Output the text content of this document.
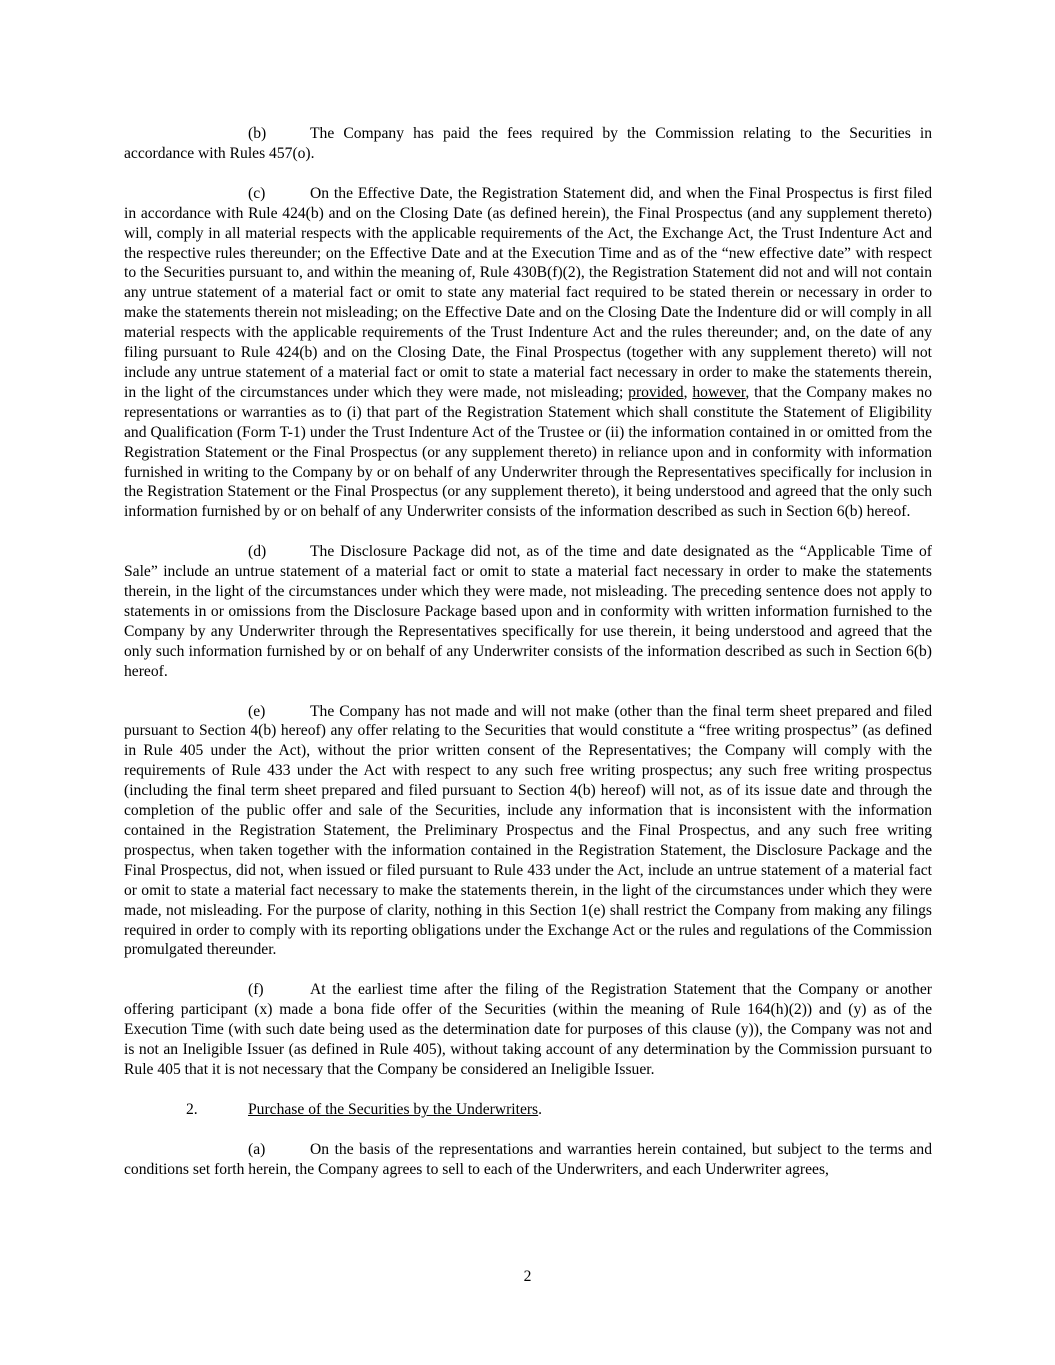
(b)	The Company has paid the fees required by the Commission relating to the Securities in accordance with Rules 457(o).

(c)	On the Effective Date, the Registration Statement did, and when the Final Prospectus is first filed in accordance with Rule 424(b) and on the Closing Date (as defined herein), the Final Prospectus (and any supplement thereto) will, comply in all material respects with the applicable requirements of the Act, the Exchange Act, the Trust Indenture Act and the respective rules thereunder; on the Effective Date and at the Execution Time and as of the “new effective date” with respect to the Securities pursuant to, and within the meaning of, Rule 430B(f)(2), the Registration Statement did not and will not contain any untrue statement of a material fact or omit to state any material fact required to be stated therein or necessary in order to make the statements therein not misleading; on the Effective Date and on the Closing Date the Indenture did or will comply in all material respects with the applicable requirements of the Trust Indenture Act and the rules thereunder; and, on the date of any filing pursuant to Rule 424(b) and on the Closing Date, the Final Prospectus (together with any supplement thereto) will not include any untrue statement of a material fact or omit to state a material fact necessary in order to make the statements therein, in the light of the circumstances under which they were made, not misleading; provided, however, that the Company makes no representations or warranties as to (i) that part of the Registration Statement which shall constitute the Statement of Eligibility and Qualification (Form T-1) under the Trust Indenture Act of the Trustee or (ii) the information contained in or omitted from the Registration Statement or the Final Prospectus (or any supplement thereto) in reliance upon and in conformity with information furnished in writing to the Company by or on behalf of any Underwriter through the Representatives specifically for inclusion in the Registration Statement or the Final Prospectus (or any supplement thereto), it being understood and agreed that the only such information furnished by or on behalf of any Underwriter consists of the information described as such in Section 6(b) hereof.

(d)	The Disclosure Package did not, as of the time and date designated as the “Applicable Time of Sale” include an untrue statement of a material fact or omit to state a material fact necessary in order to make the statements therein, in the light of the circumstances under which they were made, not misleading. The preceding sentence does not apply to statements in or omissions from the Disclosure Package based upon and in conformity with written information furnished to the Company by any Underwriter through the Representatives specifically for use therein, it being understood and agreed that the only such information furnished by or on behalf of any Underwriter consists of the information described as such in Section 6(b) hereof.

(e)	The Company has not made and will not make (other than the final term sheet prepared and filed pursuant to Section 4(b) hereof) any offer relating to the Securities that would constitute a “free writing prospectus” (as defined in Rule 405 under the Act), without the prior written consent of the Representatives; the Company will comply with the requirements of Rule 433 under the Act with respect to any such free writing prospectus; any such free writing prospectus (including the final term sheet prepared and filed pursuant to Section 4(b) hereof) will not, as of its issue date and through the completion of the public offer and sale of the Securities, include any information that is inconsistent with the information contained in the Registration Statement, the Preliminary Prospectus and the Final Prospectus, and any such free writing prospectus, when taken together with the information contained in the Registration Statement, the Disclosure Package and the Final Prospectus, did not, when issued or filed pursuant to Rule 433 under the Act, include an untrue statement of a material fact or omit to state a material fact necessary to make the statements therein, in the light of the circumstances under which they were made, not misleading. For the purpose of clarity, nothing in this Section 1(e) shall restrict the Company from making any filings required in order to comply with its reporting obligations under the Exchange Act or the rules and regulations of the Commission promulgated thereunder.

(f)	At the earliest time after the filing of the Registration Statement that the Company or another offering participant (x) made a bona fide offer of the Securities (within the meaning of Rule 164(h)(2)) and (y) as of the Execution Time (with such date being used as the determination date for purposes of this clause (y)), the Company was not and is not an Ineligible Issuer (as defined in Rule 405), without taking account of any determination by the Commission pursuant to Rule 405 that it is not necessary that the Company be considered an Ineligible Issuer.

2.	Purchase of the Securities by the Underwriters.

(a)	On the basis of the representations and warranties herein contained, but subject to the terms and conditions set forth herein, the Company agrees to sell to each of the Underwriters, and each Underwriter agrees,

2
